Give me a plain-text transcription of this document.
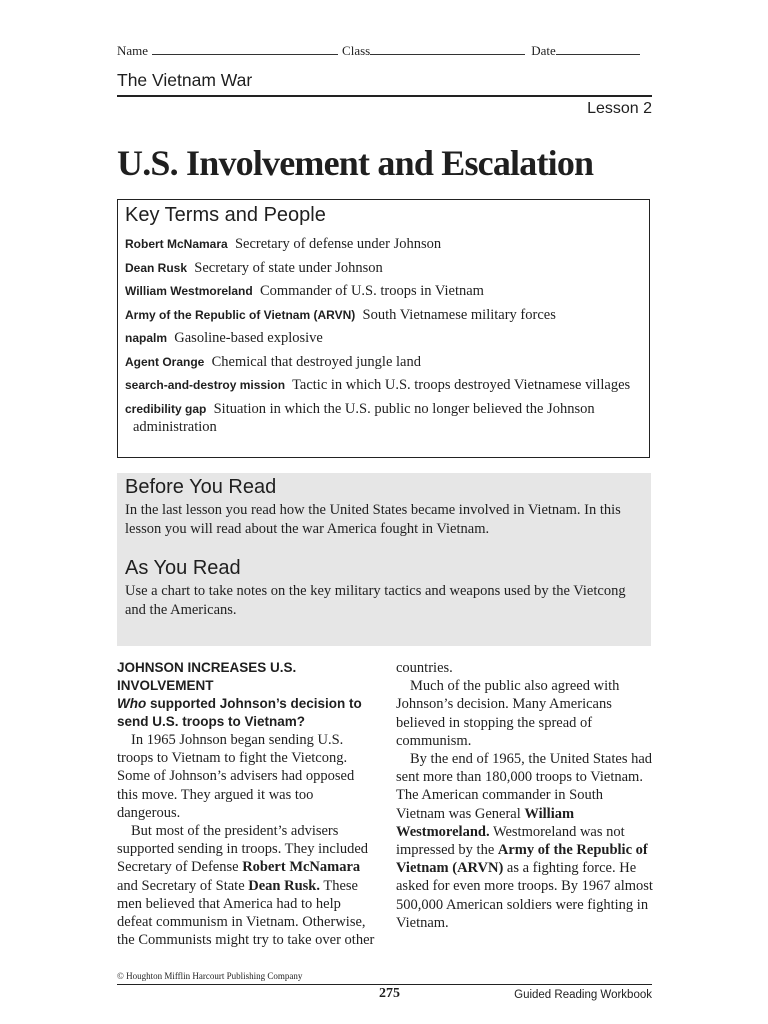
Name	Class	Date
The Vietnam War
Lesson 2
U.S. Involvement and Escalation
Key Terms and People
Robert McNamara Secretary of defense under Johnson
Dean Rusk Secretary of state under Johnson
William Westmoreland Commander of U.S. troops in Vietnam
Army of the Republic of Vietnam (ARVN) South Vietnamese military forces
napalm Gasoline-based explosive
Agent Orange Chemical that destroyed jungle land
search-and-destroy mission Tactic in which U.S. troops destroyed Vietnamese villages
credibility gap Situation in which the U.S. public no longer believed the Johnson administration
Before You Read

In the last lesson you read how the United States became involved in Vietnam. In this lesson you will read about the war America fought in Vietnam.

As You Read

Use a chart to take notes on the key military tactics and weapons used by the Vietcong and the Americans.

JOHNSON INCREASES U.S. INVOLVEMENT
Who supported Johnson’s decision to send U.S. troops to Vietnam?

In 1965 Johnson began sending U.S. troops to Vietnam to fight the Vietcong. Some of Johnson’s advisers had opposed this move. They argued it was too dangerous.

But most of the president’s advisers supported sending in troops. They included Secretary of Defense Robert McNamara and Secretary of State Dean Rusk. These men believed that America had to help defeat communism in Vietnam. Otherwise, the Communists might try to take over other

countries.

Much of the public also agreed with Johnson’s decision. Many Americans believed in stopping the spread of communism.

By the end of 1965, the United States had sent more than 180,000 troops to Vietnam. The American commander in South Vietnam was General William Westmoreland. Westmoreland was not impressed by the Army of the Republic of Vietnam (ARVN) as a fighting force. He asked for even more troops. By 1967 almost 500,000 American soldiers were fighting in Vietnam.

© Houghton Mifflin Harcourt Publishing Company
275	Guided Reading Workbook
